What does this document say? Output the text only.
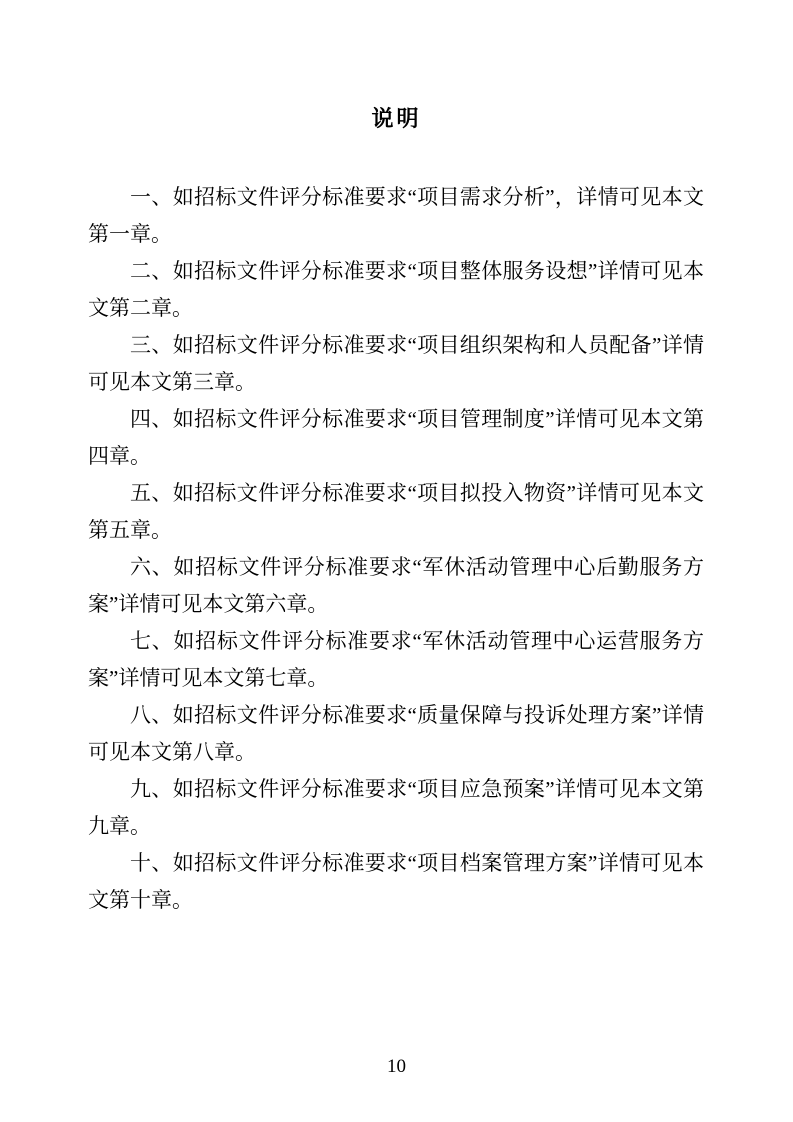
说明

一、如招标文件评分标准要求“项目需求分析”，详情可见本文第一章。

二、如招标文件评分标准要求“项目整体服务设想”详情可见本文第二章。

三、如招标文件评分标准要求“项目组织架构和人员配备”详情可见本文第三章。

四、如招标文件评分标准要求“项目管理制度”详情可见本文第四章。

五、如招标文件评分标准要求“项目拟投入物资”详情可见本文第五章。

六、如招标文件评分标准要求“军休活动管理中心后勤服务方案”详情可见本文第六章。

七、如招标文件评分标准要求“军休活动管理中心运营服务方案”详情可见本文第七章。

八、如招标文件评分标准要求“质量保障与投诉处理方案”详情可见本文第八章。

九、如招标文件评分标准要求“项目应急预案”详情可见本文第九章。

十、如招标文件评分标准要求“项目档案管理方案”详情可见本文第十章。

10
